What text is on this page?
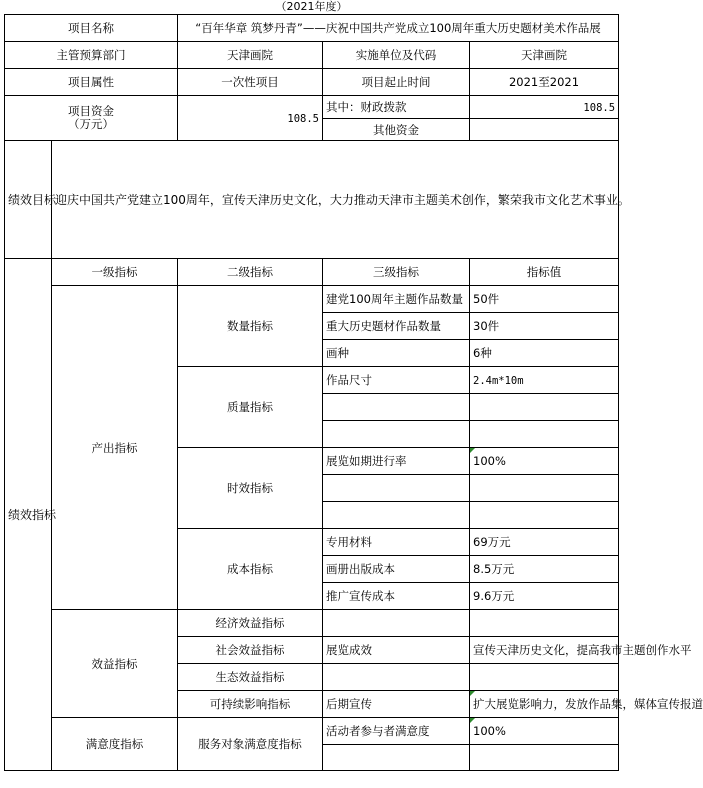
（2021年度）
项目名称		“百年华章 筑梦丹青”——庆祝中国共产党成立100周年重大历史题材美术作品展		
主管预算部门		天津画院	实施单位及代码	天津画院
项目属性		一次性项目	项目起止时间	2021至2021

项目资金
（万元）		108.5	其中：财政拨款	108.5
			其他资金	
绩效目标	迎庆中国共产党建立100周年，宣传天津历史文化，大力推动天津市主题美术创作，繁荣我市文化艺术事业。			
绩效指标	一级指标	二级指标	三级指标	指标值
	产出指标	数量指标	建党100周年主题作品数量	50件
			重大历史题材作品数量	30件
			画种	6种
		质量指标	作品尺寸	2.4m*10m

		时效指标	展览如期进行率	100%

		成本指标	专用材料	69万元
			画册出版成本	8.5万元
			推广宣传成本	9.6万元
	效益指标	经济效益指标		
		社会效益指标	展览成效	宣传天津历史文化，提高我市主题创作水平
		生态效益指标		
		可持续影响指标	后期宣传	扩大展览影响力，发放作品集，媒体宣传报道
	满意度指标	服务对象满意度指标	活动者参与者满意度	100%
